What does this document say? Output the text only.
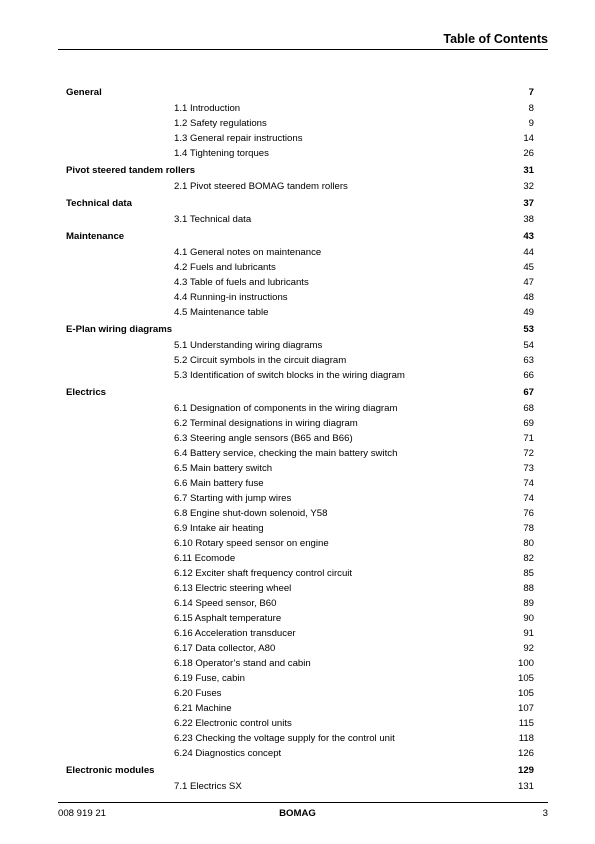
Table of Contents
General	7
1.1 Introduction	8
1.2 Safety regulations	9
1.3 General repair instructions	14
1.4 Tightening torques	26
Pivot steered tandem rollers	31
2.1 Pivot steered BOMAG tandem rollers	32
Technical data	37
3.1 Technical data	38
Maintenance	43
4.1 General notes on maintenance	44
4.2 Fuels and lubricants	45
4.3 Table of fuels and lubricants	47
4.4 Running-in instructions	48
4.5 Maintenance table	49
E-Plan wiring diagrams	53
5.1 Understanding wiring diagrams	54
5.2 Circuit symbols in the circuit diagram	63
5.3 Identification of switch blocks in the wiring diagram	66
Electrics	67
6.1 Designation of components in the wiring diagram	68
6.2 Terminal designations in wiring diagram	69
6.3 Steering angle sensors (B65 and B66)	71
6.4 Battery service, checking the main battery switch	72
6.5 Main battery switch	73
6.6 Main battery fuse	74
6.7 Starting with jump wires	74
6.8 Engine shut-down solenoid, Y58	76
6.9 Intake air heating	78
6.10 Rotary speed sensor on engine	80
6.11 Ecomode	82
6.12 Exciter shaft frequency control circuit	85
6.13 Electric steering wheel	88
6.14 Speed sensor, B60	89
6.15 Asphalt temperature	90
6.16 Acceleration transducer	91
6.17 Data collector, A80	92
6.18 Operator’s stand and cabin	100
6.19 Fuse, cabin	105
6.20 Fuses	105
6.21 Machine	107
6.22 Electronic control units	115
6.23 Checking the voltage supply for the control unit	118
6.24 Diagnostics concept	126
Electronic modules	129
7.1 Electrics SX	131
008 919 21	BOMAG	3
